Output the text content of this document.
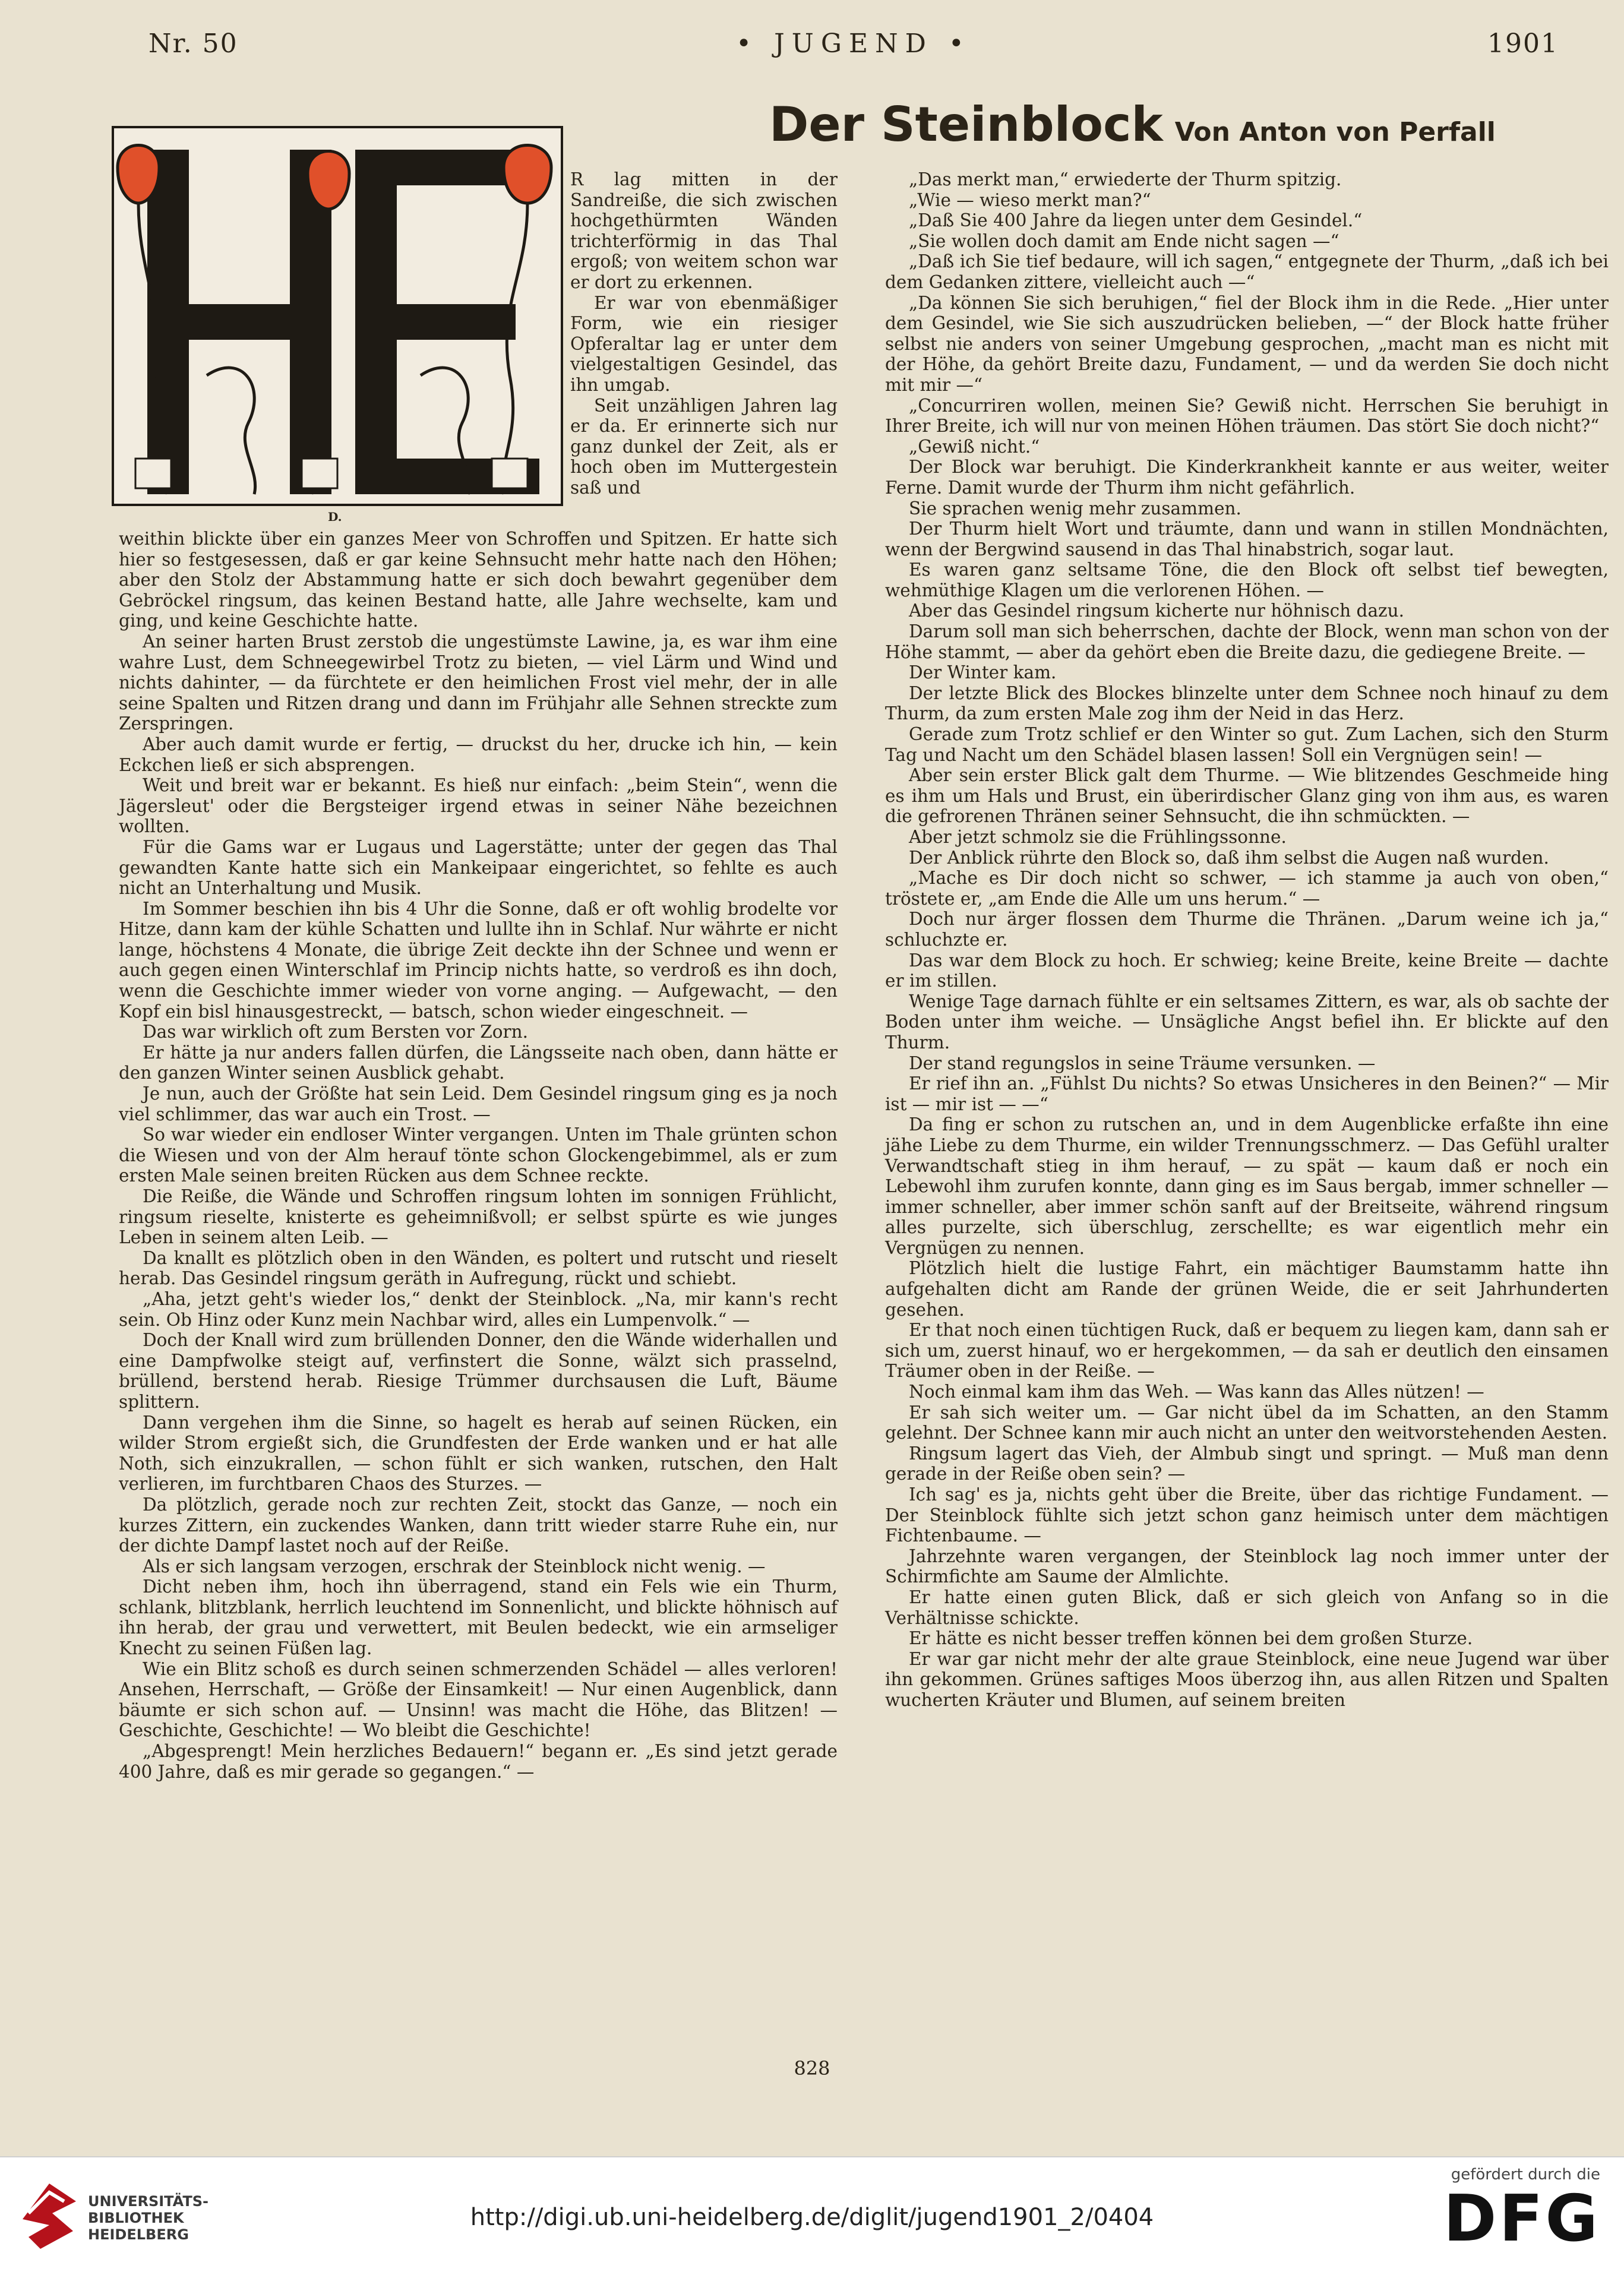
Nr. 50	• JUGEND •	1901
Der Steinblock Von Anton von Perfall
D.

R lag mitten in der Sandreiße, die sich zwischen hochgethürmten Wänden trichterförmig in das Thal ergoß; von weitem schon war er dort zu erkennen.

Er war von ebenmäßiger Form, wie ein riesiger Opferaltar lag er unter dem vielgestaltigen Gesindel, das ihn umgab.

Seit unzähligen Jahren lag er da. Er erinnerte sich nur ganz dunkel der Zeit, als er hoch oben im Muttergestein saß und

weithin blickte über ein ganzes Meer von Schroffen und Spitzen. Er hatte sich hier so festgesessen, daß er gar keine Sehnsucht mehr hatte nach den Höhen; aber den Stolz der Abstammung hatte er sich doch bewahrt gegenüber dem Gebröckel ringsum, das keinen Bestand hatte, alle Jahre wechselte, kam und ging, und keine Geschichte hatte.

An seiner harten Brust zerstob die ungestümste Lawine, ja, es war ihm eine wahre Lust, dem Schneegewirbel Trotz zu bieten, — viel Lärm und Wind und nichts dahinter, — da fürchtete er den heimlichen Frost viel mehr, der in alle seine Spalten und Ritzen drang und dann im Frühjahr alle Sehnen streckte zum Zerspringen.

Aber auch damit wurde er fertig, — druckst du her, drucke ich hin, — kein Eckchen ließ er sich absprengen.

Weit und breit war er bekannt. Es hieß nur einfach: „beim Stein“, wenn die Jägersleut' oder die Bergsteiger irgend etwas in seiner Nähe bezeichnen wollten.

Für die Gams war er Lugaus und Lagerstätte; unter der gegen das Thal gewandten Kante hatte sich ein Mankeipaar eingerichtet, so fehlte es auch nicht an Unterhaltung und Musik.

Im Sommer beschien ihn bis 4 Uhr die Sonne, daß er oft wohlig brodelte vor Hitze, dann kam der kühle Schatten und lullte ihn in Schlaf. Nur währte er nicht lange, höchstens 4 Monate, die übrige Zeit deckte ihn der Schnee und wenn er auch gegen einen Winterschlaf im Princip nichts hatte, so verdroß es ihn doch, wenn die Geschichte immer wieder von vorne anging. — Aufgewacht, — den Kopf ein bisl hinausgestreckt, — batsch, schon wieder eingeschneit. —

Das war wirklich oft zum Bersten vor Zorn.

Er hätte ja nur anders fallen dürfen, die Längsseite nach oben, dann hätte er den ganzen Winter seinen Ausblick gehabt.

Je nun, auch der Größte hat sein Leid. Dem Gesindel ringsum ging es ja noch viel schlimmer, das war auch ein Trost. —

So war wieder ein endloser Winter vergangen. Unten im Thale grünten schon die Wiesen und von der Alm herauf tönte schon Glockengebimmel, als er zum ersten Male seinen breiten Rücken aus dem Schnee reckte.

Die Reiße, die Wände und Schroffen ringsum lohten im sonnigen Frühlicht, ringsum rieselte, knisterte es geheimnißvoll; er selbst spürte es wie junges Leben in seinem alten Leib. —

Da knallt es plötzlich oben in den Wänden, es poltert und rutscht und rieselt herab. Das Gesindel ringsum geräth in Aufregung, rückt und schiebt.

„Aha, jetzt geht's wieder los,“ denkt der Steinblock. „Na, mir kann's recht sein. Ob Hinz oder Kunz mein Nachbar wird, alles ein Lumpenvolk.“ —

Doch der Knall wird zum brüllenden Donner, den die Wände widerhallen und eine Dampfwolke steigt auf, verfinstert die Sonne, wälzt sich prasselnd, brüllend, berstend herab. Riesige Trümmer durchsausen die Luft, Bäume splittern.

Dann vergehen ihm die Sinne, so hagelt es herab auf seinen Rücken, ein wilder Strom ergießt sich, die Grundfesten der Erde wanken und er hat alle Noth, sich einzukrallen, — schon fühlt er sich wanken, rutschen, den Halt verlieren, im furchtbaren Chaos des Sturzes. —

Da plötzlich, gerade noch zur rechten Zeit, stockt das Ganze, — noch ein kurzes Zittern, ein zuckendes Wanken, dann tritt wieder starre Ruhe ein, nur der dichte Dampf lastet noch auf der Reiße.

Als er sich langsam verzogen, erschrak der Steinblock nicht wenig. —

Dicht neben ihm, hoch ihn überragend, stand ein Fels wie ein Thurm, schlank, blitzblank, herrlich leuchtend im Sonnenlicht, und blickte höhnisch auf ihn herab, der grau und verwettert, mit Beulen bedeckt, wie ein armseliger Knecht zu seinen Füßen lag.

Wie ein Blitz schoß es durch seinen schmerzenden Schädel — alles verloren! Ansehen, Herrschaft, — Größe der Einsamkeit! — Nur einen Augenblick, dann bäumte er sich schon auf. — Unsinn! was macht die Höhe, das Blitzen! — Geschichte, Geschichte! — Wo bleibt die Geschichte!

„Abgesprengt! Mein herzliches Bedauern!“ begann er. „Es sind jetzt gerade 400 Jahre, daß es mir gerade so gegangen.“ —

„Das merkt man,“ erwiederte der Thurm spitzig.

„Wie — wieso merkt man?“

„Daß Sie 400 Jahre da liegen unter dem Gesindel.“

„Sie wollen doch damit am Ende nicht sagen —“

„Daß ich Sie tief bedaure, will ich sagen,“ entgegnete der Thurm, „daß ich bei dem Gedanken zittere, vielleicht auch —“

„Da können Sie sich beruhigen,“ fiel der Block ihm in die Rede. „Hier unter dem Gesindel, wie Sie sich auszudrücken belieben, —“ der Block hatte früher selbst nie anders von seiner Umgebung gesprochen, „macht man es nicht mit der Höhe, da gehört Breite dazu, Fundament, — und da werden Sie doch nicht mit mir —“

„Concurriren wollen, meinen Sie? Gewiß nicht. Herrschen Sie beruhigt in Ihrer Breite, ich will nur von meinen Höhen träumen. Das stört Sie doch nicht?“

„Gewiß nicht.“

Der Block war beruhigt. Die Kinderkrankheit kannte er aus weiter, weiter Ferne. Damit wurde der Thurm ihm nicht gefährlich.

Sie sprachen wenig mehr zusammen.

Der Thurm hielt Wort und träumte, dann und wann in stillen Mondnächten, wenn der Bergwind sausend in das Thal hinabstrich, sogar laut.

Es waren ganz seltsame Töne, die den Block oft selbst tief bewegten, wehmüthige Klagen um die verlorenen Höhen. —

Aber das Gesindel ringsum kicherte nur höhnisch dazu.

Darum soll man sich beherrschen, dachte der Block, wenn man schon von der Höhe stammt, — aber da gehört eben die Breite dazu, die gediegene Breite. —

Der Winter kam.

Der letzte Blick des Blockes blinzelte unter dem Schnee noch hinauf zu dem Thurm, da zum ersten Male zog ihm der Neid in das Herz.

Gerade zum Trotz schlief er den Winter so gut. Zum Lachen, sich den Sturm Tag und Nacht um den Schädel blasen lassen! Soll ein Vergnügen sein! —

Aber sein erster Blick galt dem Thurme. — Wie blitzendes Geschmeide hing es ihm um Hals und Brust, ein überirdischer Glanz ging von ihm aus, es waren die gefrorenen Thränen seiner Sehnsucht, die ihn schmückten. —

Aber jetzt schmolz sie die Frühlingssonne.

Der Anblick rührte den Block so, daß ihm selbst die Augen naß wurden.

„Mache es Dir doch nicht so schwer, — ich stamme ja auch von oben,“ tröstete er, „am Ende die Alle um uns herum.“ —

Doch nur ärger flossen dem Thurme die Thränen. „Darum weine ich ja,“ schluchzte er.

Das war dem Block zu hoch. Er schwieg; keine Breite, keine Breite — dachte er im stillen.

Wenige Tage darnach fühlte er ein seltsames Zittern, es war, als ob sachte der Boden unter ihm weiche. — Unsägliche Angst befiel ihn. Er blickte auf den Thurm.

Der stand regungslos in seine Träume versunken. —

Er rief ihn an. „Fühlst Du nichts? So etwas Unsicheres in den Beinen?“ — Mir ist — mir ist — —“

Da fing er schon zu rutschen an, und in dem Augenblicke erfaßte ihn eine jähe Liebe zu dem Thurme, ein wilder Trennungsschmerz. — Das Gefühl uralter Verwandtschaft stieg in ihm herauf, — zu spät — kaum daß er noch ein Lebewohl ihm zurufen konnte, dann ging es im Saus bergab, immer schneller — immer schneller, aber immer schön sanft auf der Breitseite, während ringsum alles purzelte, sich überschlug, zerschellte; es war eigentlich mehr ein Vergnügen zu nennen.

Plötzlich hielt die lustige Fahrt, ein mächtiger Baumstamm hatte ihn aufgehalten dicht am Rande der grünen Weide, die er seit Jahrhunderten gesehen.

Er that noch einen tüchtigen Ruck, daß er bequem zu liegen kam, dann sah er sich um, zuerst hinauf, wo er hergekommen, — da sah er deutlich den einsamen Träumer oben in der Reiße. —

Noch einmal kam ihm das Weh. — Was kann das Alles nützen! —

Er sah sich weiter um. — Gar nicht übel da im Schatten, an den Stamm gelehnt. Der Schnee kann mir auch nicht an unter den weitvorstehenden Aesten.

Ringsum lagert das Vieh, der Almbub singt und springt. — Muß man denn gerade in der Reiße oben sein? —

Ich sag' es ja, nichts geht über die Breite, über das richtige Fundament. — Der Steinblock fühlte sich jetzt schon ganz heimisch unter dem mächtigen Fichtenbaume. —

Jahrzehnte waren vergangen, der Steinblock lag noch immer unter der Schirmfichte am Saume der Almlichte.

Er hatte einen guten Blick, daß er sich gleich von Anfang so in die Verhältnisse schickte.

Er hätte es nicht besser treffen können bei dem großen Sturze.

Er war gar nicht mehr der alte graue Steinblock, eine neue Jugend war über ihn gekommen. Grünes saftiges Moos überzog ihn, aus allen Ritzen und Spalten wucherten Kräuter und Blumen, auf seinem breiten

828
UNIVERSITÄTS-
BIBLIOTHEK
HEIDELBERG
http://digi.ub.uni-heidelberg.de/diglit/jugend1901_2/0404
gefördert durch die
DFG
